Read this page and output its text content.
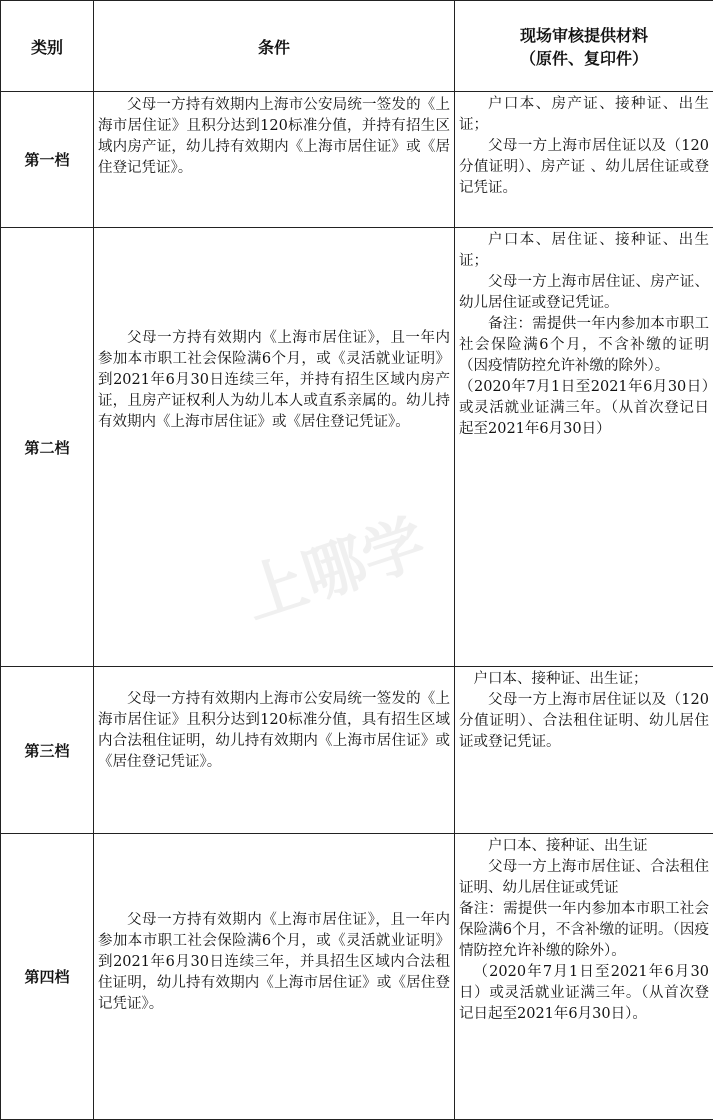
类别	条件	现场审核提供材料
（原件、复印件）

第一档	父母一方持有效期内上海市公安局统一签发的《上海市居住证》且积分达到120标准分值，并持有招生区域内房产证，幼儿持有效期内《上海市居住证》或《居住登记凭证》。	户口本、房产证、接种证、出生证；
父母一方上海市居住证以及（120分值证明）、房产证 、幼儿居住证或登记凭证。

第二档	父母一方持有效期内《上海市居住证》，且一年内参加本市职工社会保险满6个月，或《灵活就业证明》到2021年6月30日连续三年，并持有招生区域内房产证，且房产证权利人为幼儿本人或直系亲属的。幼儿持有效期内《上海市居住证》或《居住登记凭证》。	户口本、居住证、接种证、出生证；
父母一方上海市居住证、房产证、幼儿居住证或登记凭证。
备注：需提供一年内参加本市职工社会保险满6个月，不含补缴的证明（因疫情防控允许补缴的除外）。
（2020年7月1日至2021年6月30日）或灵活就业证满三年。（从首次登记日起至2021年6月30日）

第三档	父母一方持有效期内上海市公安局统一签发的《上海市居住证》且积分达到120标准分值，具有招生区域内合法租住证明，幼儿持有效期内《上海市居住证》或《居住登记凭证》。	户口本、接种证、出生证；
父母一方上海市居住证以及（120分值证明）、合法租住证明、幼儿居住证或登记凭证。

第四档	父母一方持有效期内《上海市居住证》，且一年内参加本市职工社会保险满6个月，或《灵活就业证明》到2021年6月30日连续三年，并具招生区域内合法租住证明，幼儿持有效期内《上海市居住证》或《居住登记凭证》。	户口本、接种证、出生证
父母一方上海市居住证、合法租住证明、幼儿居住证或凭证
备注：需提供一年内参加本市职工社会保险满6个月，不含补缴的证明。（因疫情防控允许补缴的除外）。
（2020年7月1日至2021年6月30日）或灵活就业证满三年。（从首次登记日起至2021年6月30日）。
上哪学
